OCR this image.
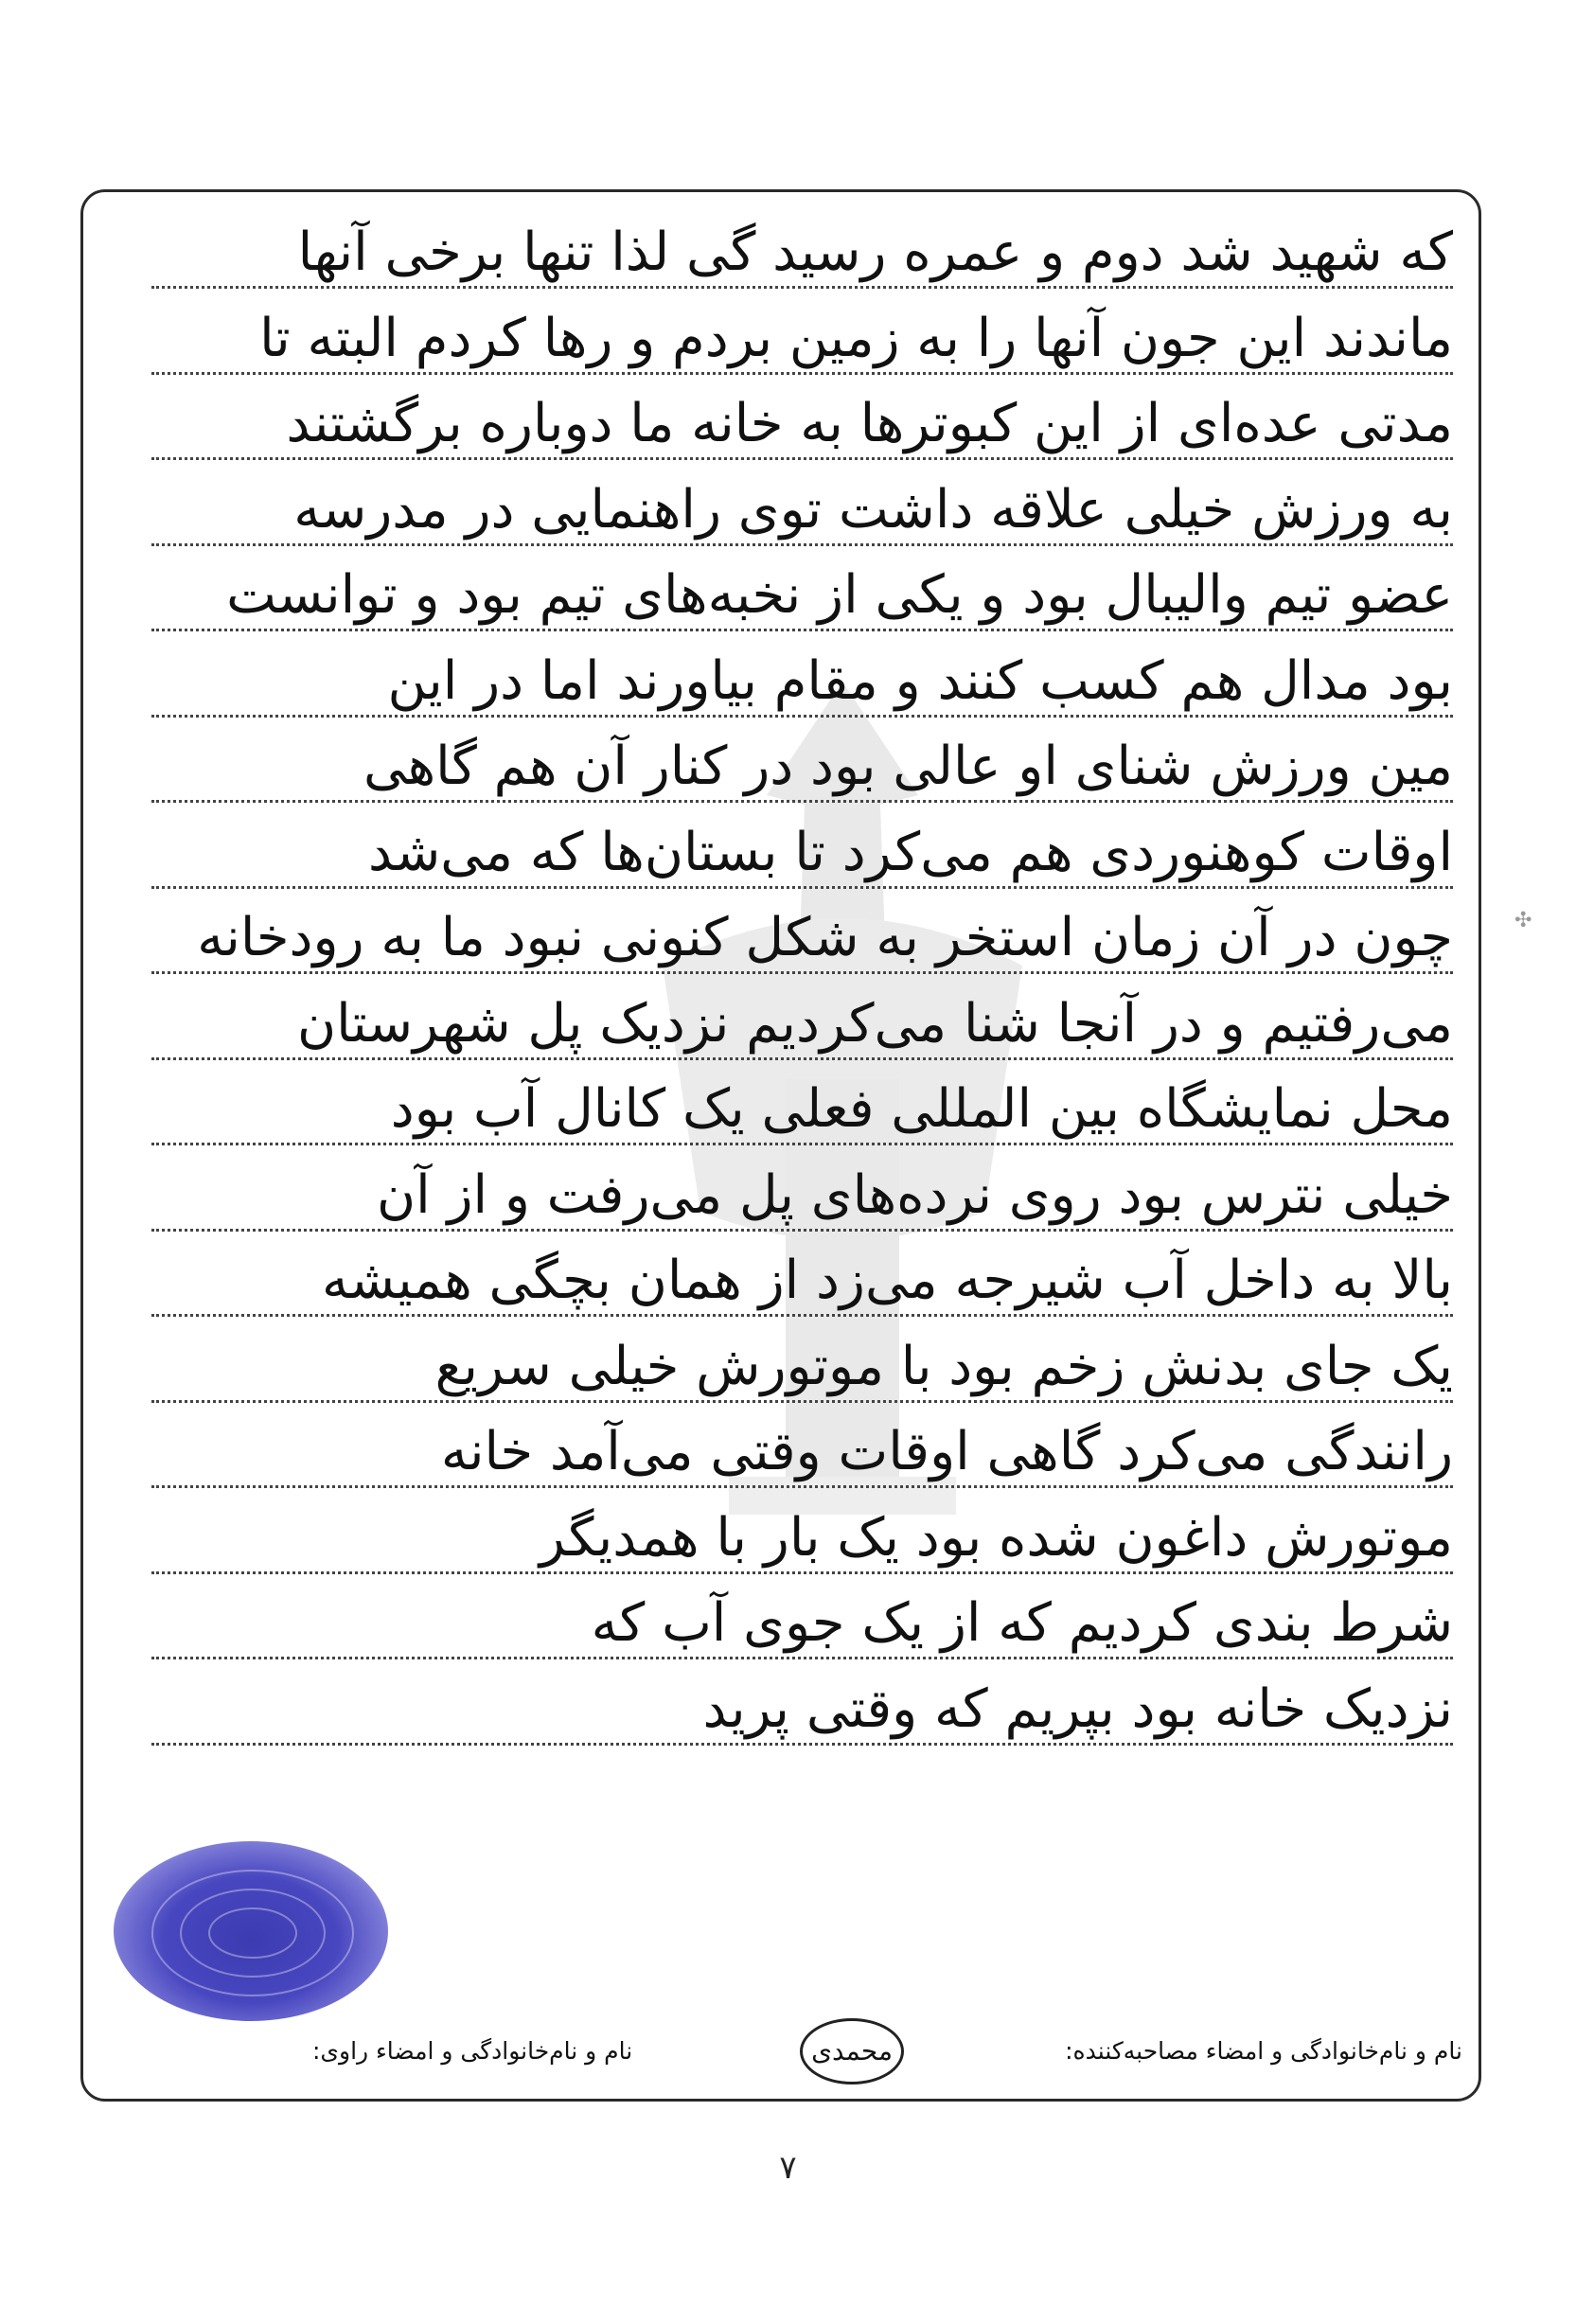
✣
که شهید شد دوم و عمره رسید گی لذا تنها برخی آنها
ماندند این جون آنها را به زمین بردم و رها کردم البته تا
مدتی عده‌ای از این کبوترها به خانه ما دوباره برگشتند
به ورزش خیلی علاقه داشت توی راهنمایی در مدرسه
عضو تیم والیبال بود و یکی از نخبه‌های تیم بود و توانست
بود مدال هم کسب کنند و مقام بیاورند اما در این
مین ورزش شنای او عالی بود در کنار آن هم گاهی
اوقات کوهنوردی هم می‌کرد تا بستان‌ها که می‌شد
چون در آن زمان استخر به شکل کنونی نبود ما به رودخانه
می‌رفتیم و در آنجا شنا می‌کردیم نزدیک پل شهرستان
محل نمایشگاه بین المللی فعلی یک کانال آب بود
خیلی نترس بود روی نرده‌های پل می‌رفت و از آن
بالا به داخل آب شیرجه می‌زد از همان بچگی همیشه
یک جای بدنش زخم بود با موتورش خیلی سریع
رانندگی می‌کرد گاهی اوقات وقتی می‌آمد خانه
موتورش داغون شده بود یک بار با همدیگر
شرط بندی کردیم که از یک جوی آب که
نزدیک خانه بود بپریم که وقتی پرید
نام و نام‌خانوادگی و امضاء مصاحبه‌کننده:
نام و نام‌خانوادگی و امضاء راوی:	محمدی
۷
